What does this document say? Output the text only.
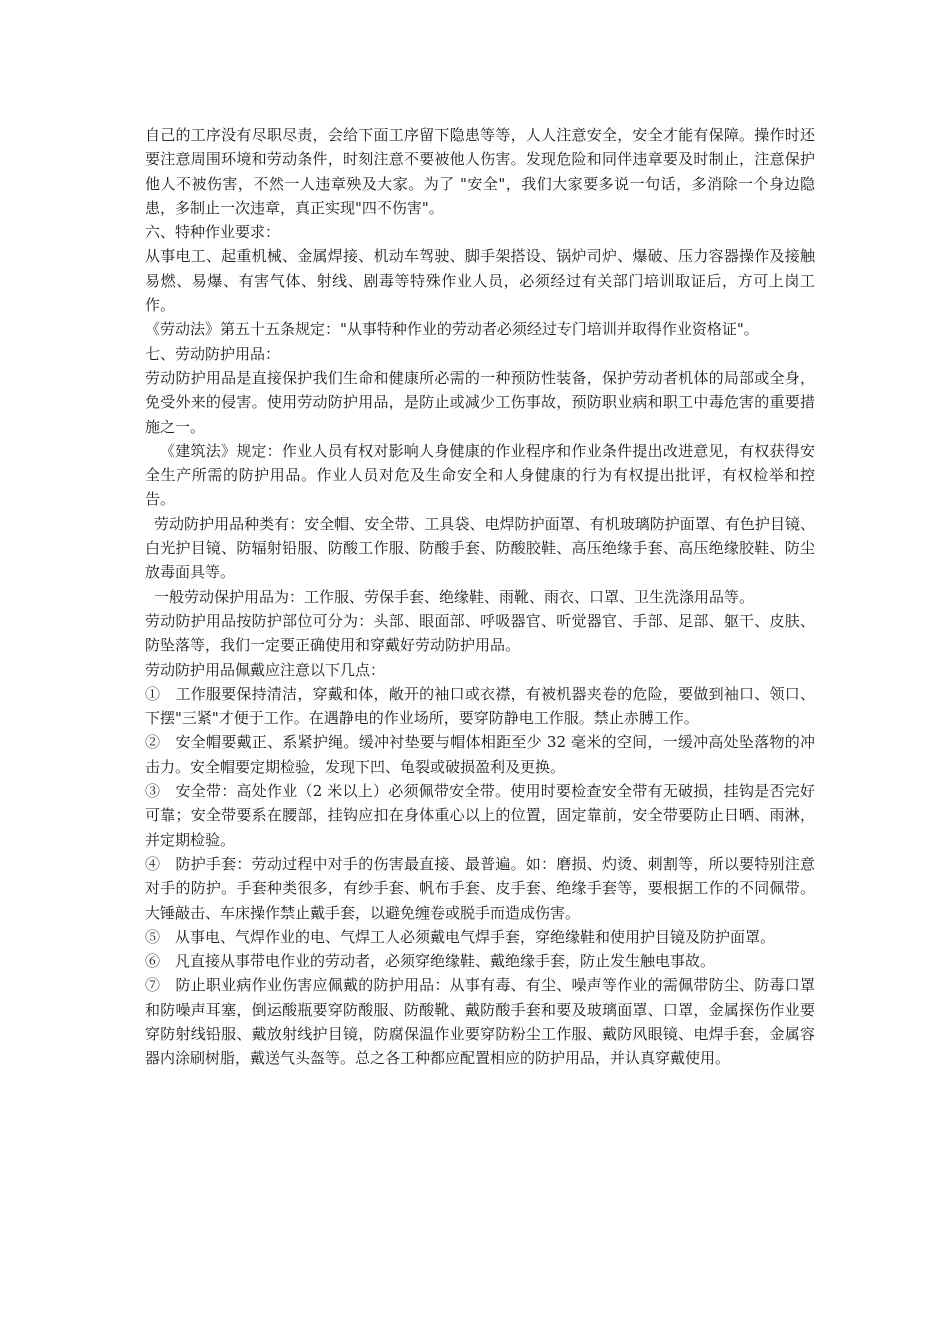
自己的工序没有尽职尽责，会给下面工序留下隐患等等，人人注意安全，安全才能有保障。操作时还要注意周围环境和劳动条件，时刻注意不要被他人伤害。发现危险和同伴违章要及时制止，注意保护他人不被伤害，不然一人违章殃及大家。为了 "安全"，我们大家要多说一句话，多消除一个身边隐患，多制止一次违章，真正实现"四不伤害"。

六、特种作业要求：

从事电工、起重机械、金属焊接、机动车驾驶、脚手架搭设、锅炉司炉、爆破、压力容器操作及接触易燃、易爆、有害气体、射线、剧毒等特殊作业人员，必须经过有关部门培训取证后，方可上岗工作。

《劳动法》第五十五条规定："从事特种作业的劳动者必须经过专门培训并取得作业资格证"。

七、劳动防护用品：

劳动防护用品是直接保护我们生命和健康所必需的一种预防性装备，保护劳动者机体的局部或全身，免受外来的侵害。使用劳动防护用品，是防止或减少工伤事故，预防职业病和职工中毒危害的重要措施之一。

《建筑法》规定：作业人员有权对影响人身健康的作业程序和作业条件提出改进意见，有权获得安全生产所需的防护用品。作业人员对危及生命安全和人身健康的行为有权提出批评，有权检举和控告。

劳动防护用品种类有：安全帽、安全带、工具袋、电焊防护面罩、有机玻璃防护面罩、有色护目镜、白光护目镜、防辐射铅服、防酸工作服、防酸手套、防酸胶鞋、高压绝缘手套、高压绝缘胶鞋、防尘放毒面具等。

一般劳动保护用品为：工作服、劳保手套、绝缘鞋、雨靴、雨衣、口罩、卫生洗涤用品等。

劳动防护用品按防护部位可分为：头部、眼面部、呼吸器官、听觉器官、手部、足部、躯干、皮肤、防坠落等，我们一定要正确使用和穿戴好劳动防护用品。

劳动防护用品佩戴应注意以下几点：

①　工作服要保持清洁，穿戴和体，敞开的袖口或衣襟，有被机器夹卷的危险，要做到袖口、领口、下摆"三紧"才便于工作。在遇静电的作业场所，要穿防静电工作服。禁止赤膊工作。

②　安全帽要戴正、系紧护绳。缓冲衬垫要与帽体相距至少 32 毫米的空间，一缓冲高处坠落物的冲击力。安全帽要定期检验，发现下凹、龟裂或破损盈利及更换。

③　安全带：高处作业（2 米以上）必须佩带安全带。使用时要检查安全带有无破损，挂钩是否完好可靠；安全带要系在腰部，挂钩应扣在身体重心以上的位置，固定靠前，安全带要防止日晒、雨淋，并定期检验。

④　防护手套：劳动过程中对手的伤害最直接、最普遍。如：磨损、灼烫、刺割等，所以要特别注意对手的防护。手套种类很多，有纱手套、帆布手套、皮手套、绝缘手套等，要根据工作的不同佩带。大锤敲击、车床操作禁止戴手套，以避免缠卷或脱手而造成伤害。

⑤　从事电、气焊作业的电、气焊工人必须戴电气焊手套，穿绝缘鞋和使用护目镜及防护面罩。

⑥　凡直接从事带电作业的劳动者，必须穿绝缘鞋、戴绝缘手套，防止发生触电事故。

⑦　防止职业病作业伤害应佩戴的防护用品：从事有毒、有尘、噪声等作业的需佩带防尘、防毒口罩和防噪声耳塞，倒运酸瓶要穿防酸服、防酸靴、戴防酸手套和要及玻璃面罩、口罩，金属探伤作业要穿防射线铅服、戴放射线护目镜，防腐保温作业要穿防粉尘工作服、戴防风眼镜、电焊手套，金属容器内涂刷树脂，戴送气头盔等。总之各工种都应配置相应的防护用品，并认真穿戴使用。
